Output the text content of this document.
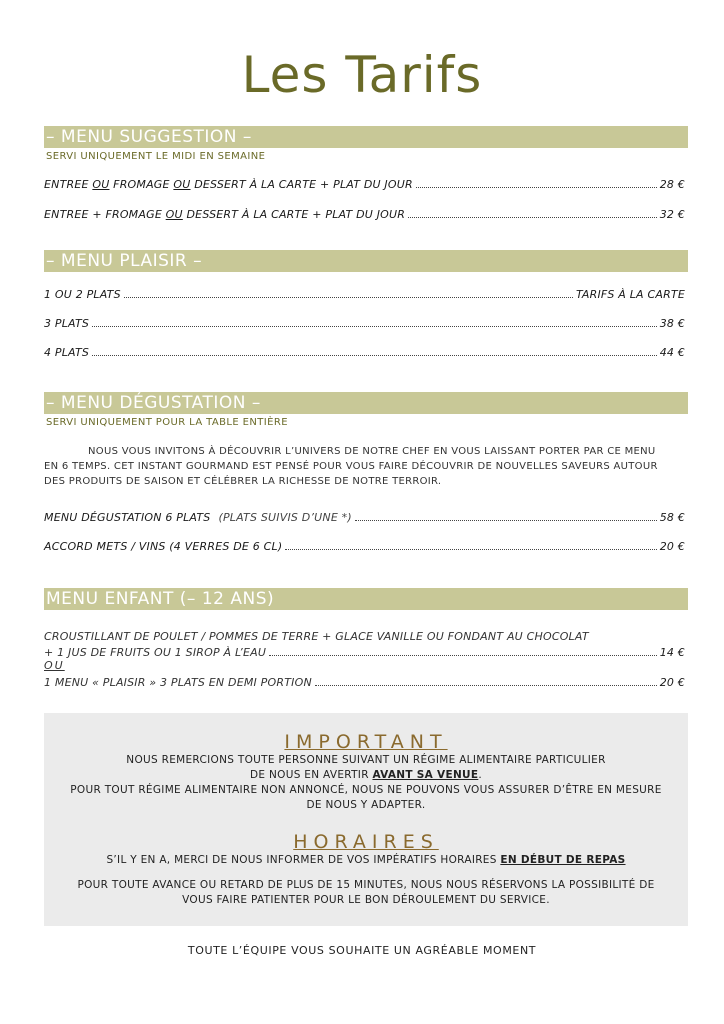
Les Tarifs
– MENU SUGGESTION –
SERVI UNIQUEMENT LE MIDI EN SEMAINE
ENTREE OU FROMAGE OU DESSERT À LA CARTE + PLAT DU JOUR	28 €
ENTREE + FROMAGE OU DESSERT À LA CARTE + PLAT DU JOUR	32 €
– MENU PLAISIR –
1 OU 2 PLATS	TARIFS À LA CARTE
3 PLATS	38 €
4 PLATS	44 €
– MENU DÉGUSTATION –
SERVI UNIQUEMENT POUR LA TABLE ENTIÈRE
NOUS VOUS INVITONS À DÉCOUVRIR L’UNIVERS DE NOTRE CHEF EN VOUS LAISSANT PORTER PAR CE MENU
EN 6 TEMPS. CET INSTANT GOURMAND EST PENSÉ POUR VOUS FAIRE DÉCOUVRIR DE NOUVELLES SAVEURS AUTOUR
DES PRODUITS DE SAISON ET CÉLÉBRER LA RICHESSE DE NOTRE TERROIR.
MENU DÉGUSTATION 6 PLATS (PLATS SUIVIS D’UNE *)	58 €
ACCORD METS / VINS (4 VERRES DE 6 CL)	20 €
MENU ENFANT (– 12 ANS)
CROUSTILLANT DE POULET / POMMES DE TERRE + GLACE VANILLE OU FONDANT AU CHOCOLAT
+ 1 JUS DE FRUITS OU 1 SIROP À L’EAU	14 €
OU
1 MENU « PLAISIR » 3 PLATS EN DEMI PORTION	20 €
IMPORTANT
NOUS REMERCIONS TOUTE PERSONNE SUIVANT UN RÉGIME ALIMENTAIRE PARTICULIER
DE NOUS EN AVERTIR AVANT SA VENUE.
POUR TOUT RÉGIME ALIMENTAIRE NON ANNONCÉ, NOUS NE POUVONS VOUS ASSURER D’ÊTRE EN MESURE
DE NOUS Y ADAPTER.
HORAIRES
S’IL Y EN A, MERCI DE NOUS INFORMER DE VOS IMPÉRATIFS HORAIRES EN DÉBUT DE REPAS
POUR TOUTE AVANCE OU RETARD DE PLUS DE 15 MINUTES, NOUS NOUS RÉSERVONS LA POSSIBILITÉ DE
VOUS FAIRE PATIENTER POUR LE BON DÉROULEMENT DU SERVICE.
TOUTE L’ÉQUIPE VOUS SOUHAITE UN AGRÉABLE MOMENT
